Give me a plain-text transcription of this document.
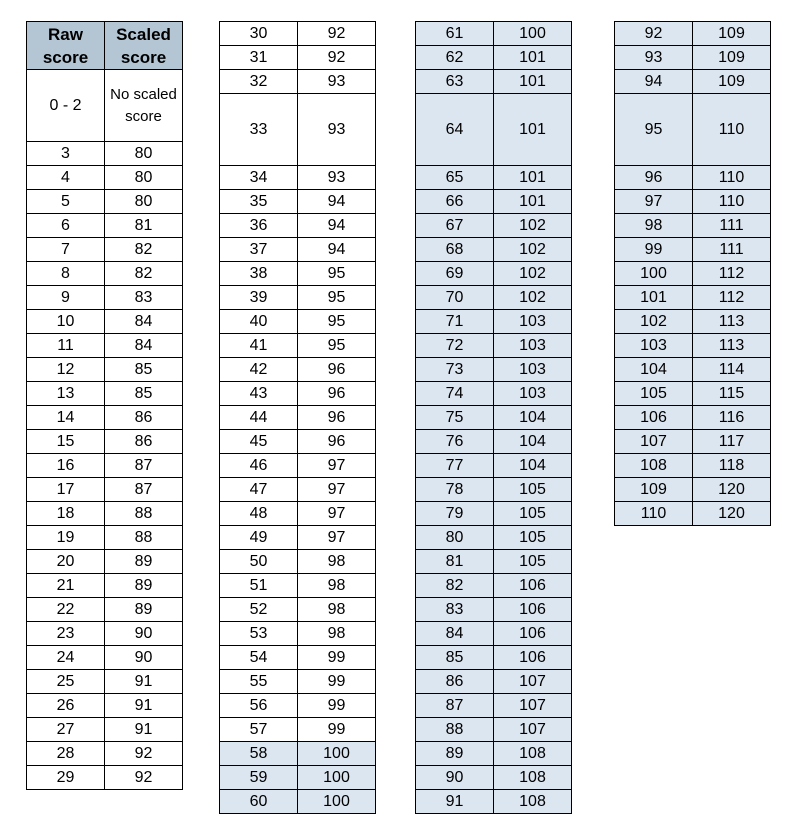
Raw score	Scaled score
0 - 2	No scaled score
3	80
4	80
5	80
6	81
7	82
8	82
9	83
10	84
11	84
12	85
13	85
14	86
15	86
16	87
17	87
18	88
19	88
20	89
21	89
22	89
23	90
24	90
25	91
26	91
27	91
28	92
29	92
30	92
31	92
32	93
33	93
34	93
35	94
36	94
37	94
38	95
39	95
40	95
41	95
42	96
43	96
44	96
45	96
46	97
47	97
48	97
49	97
50	98
51	98
52	98
53	98
54	99
55	99
56	99
57	99
58	100
59	100
60	100
61	100
62	101
63	101
64	101
65	101
66	101
67	102
68	102
69	102
70	102
71	103
72	103
73	103
74	103
75	104
76	104
77	104
78	105
79	105
80	105
81	105
82	106
83	106
84	106
85	106
86	107
87	107
88	107
89	108
90	108
91	108
92	109
93	109
94	109
95	110
96	110
97	110
98	111
99	111
100	112
101	112
102	113
103	113
104	114
105	115
106	116
107	117
108	118
109	120
110	120
